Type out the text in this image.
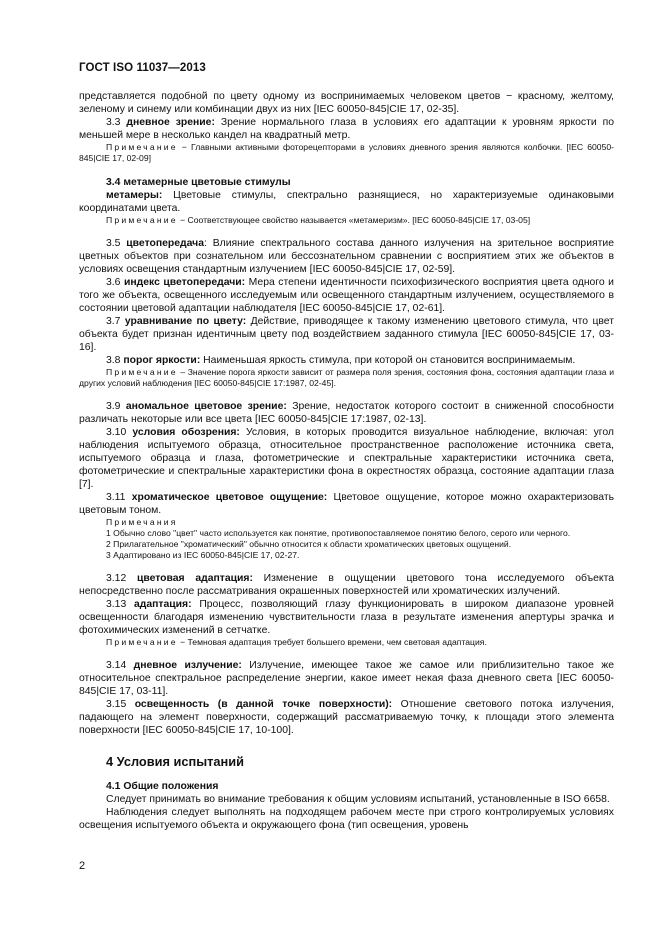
ГОСТ ISO 11037—2013

представляется подобной по цвету одному из воспринимаемых человеком цветов − красному, желтому, зеленому и синему или комбинации двух из них [IEC 60050-845|CIE 17, 02-35].

3.3 дневное зрение: Зрение нормального глаза в условиях его адаптации к уровням яркости по меньшей мере в несколько кандел на квадратный метр.

Примечание − Главными активными фоторецепторами в условиях дневного зрения являются колбочки. [IEC 60050-845|CIE 17, 02-09]

3.4 метамерные цветовые стимулы

метамеры: Цветовые стимулы, спектрально разнящиеся, но характеризуемые одинаковыми координатами цвета.

Примечание − Соответствующее свойство называется «метамеризм». [IEC 60050-845|CIE 17, 03-05]

3.5 цветопередача: Влияние спектрального состава данного излучения на зрительное восприятие цветных объектов при сознательном или бессознательном сравнении с восприятием этих же объектов в условиях освещения стандартным излучением [IEC 60050-845|CIE 17, 02-59].

3.6 индекс цветопередачи: Мера степени идентичности психофизического восприятия цвета одного и того же объекта, освещенного исследуемым или освещенного стандартным излучением, осуществляемого в состоянии цветовой адаптации наблюдателя [IEC 60050-845|CIE 17, 02-61].

3.7 уравнивание по цвету: Действие, приводящее к такому изменению цветового стимула, что цвет объекта будет признан идентичным цвету под воздействием заданного стимула [IEC 60050-845|CIE 17, 03-16].

3.8 порог яркости: Наименьшая яркость стимула, при которой он становится воспринимаемым.

Примечание – Значение порога яркости зависит от размера поля зрения, состояния фона, состояния адаптации глаза и других условий наблюдения [IEC 60050-845|CIE 17:1987, 02-45].

3.9 аномальное цветовое зрение: Зрение, недостаток которого состоит в сниженной способности различать некоторые или все цвета [IEC 60050-845|CIE 17:1987, 02-13].

3.10 условия обозрения: Условия, в которых проводится визуальное наблюдение, включая: угол наблюдения испытуемого образца, относительное пространственное расположение источника света, испытуемого образца и глаза, фотометрические и спектральные характеристики источника света, фотометрические и спектральные характеристики фона в окрестностях образца, состояние адаптации глаза [7].

3.11 хроматическое цветовое ощущение: Цветовое ощущение, которое можно охарактеризовать цветовым тоном.

Примечания

1 Обычно слово "цвет" часто используется как понятие, противопоставляемое понятию белого, серого или черного.

2 Прилагательное "хроматический" обычно относится к области хроматических цветовых ощущений.

3 Адаптировано из IEC 60050-845|CIE 17, 02-27.

3.12 цветовая адаптация: Изменение в ощущении цветового тона исследуемого объекта непосредственно после рассматривания окрашенных поверхностей или хроматических излучений.

3.13 адаптация: Процесс, позволяющий глазу функционировать в широком диапазоне уровней освещенности благодаря изменению чувствительности глаза в результате изменения апертуры зрачка и фотохимических изменений в сетчатке.

Примечание − Темновая адаптация требует большего времени, чем световая адаптация.

3.14 дневное излучение: Излучение, имеющее такое же самое или приблизительно такое же относительное спектральное распределение энергии, какое имеет некая фаза дневного света [IEC 60050-845|CIE 17, 03-11].

3.15 освещенность (в данной точке поверхности): Отношение светового потока излучения, падающего на элемент поверхности, содержащий рассматриваемую точку, к площади этого элемента поверхности [IEC 60050-845|CIE 17, 10-100].

4 Условия испытаний

4.1 Общие положения

Следует принимать во внимание требования к общим условиям испытаний, установленные в ISO 6658.

Наблюдения следует выполнять на подходящем рабочем месте при строго контролируемых условиях освещения испытуемого объекта и окружающего фона (тип освещения, уровень

2
